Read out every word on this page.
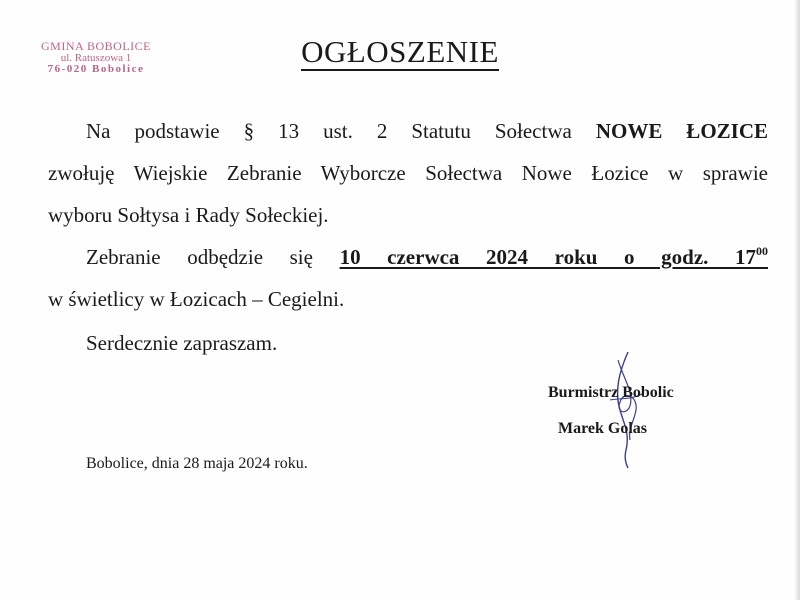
GMINA BOBOLICE
ul. Ratuszowa 1
76-020 Bobolice
OGŁOSZENIE
Na podstawie § 13 ust. 2 Statutu Sołectwa NOWE ŁOZICE
zwołuję Wiejskie Zebranie Wyborcze Sołectwa Nowe Łozice w sprawie
wyboru Sołtysa i Rady Sołeckiej.
Zebranie odbędzie się 10 czerwca 2024 roku o godz. $17^{00}$
w świetlicy w Łozicach – Cegielni.
Serdecznie zapraszam.
Burmistrz Bobolic
Marek Golas
Bobolice, dnia 28 maja 2024 roku.
